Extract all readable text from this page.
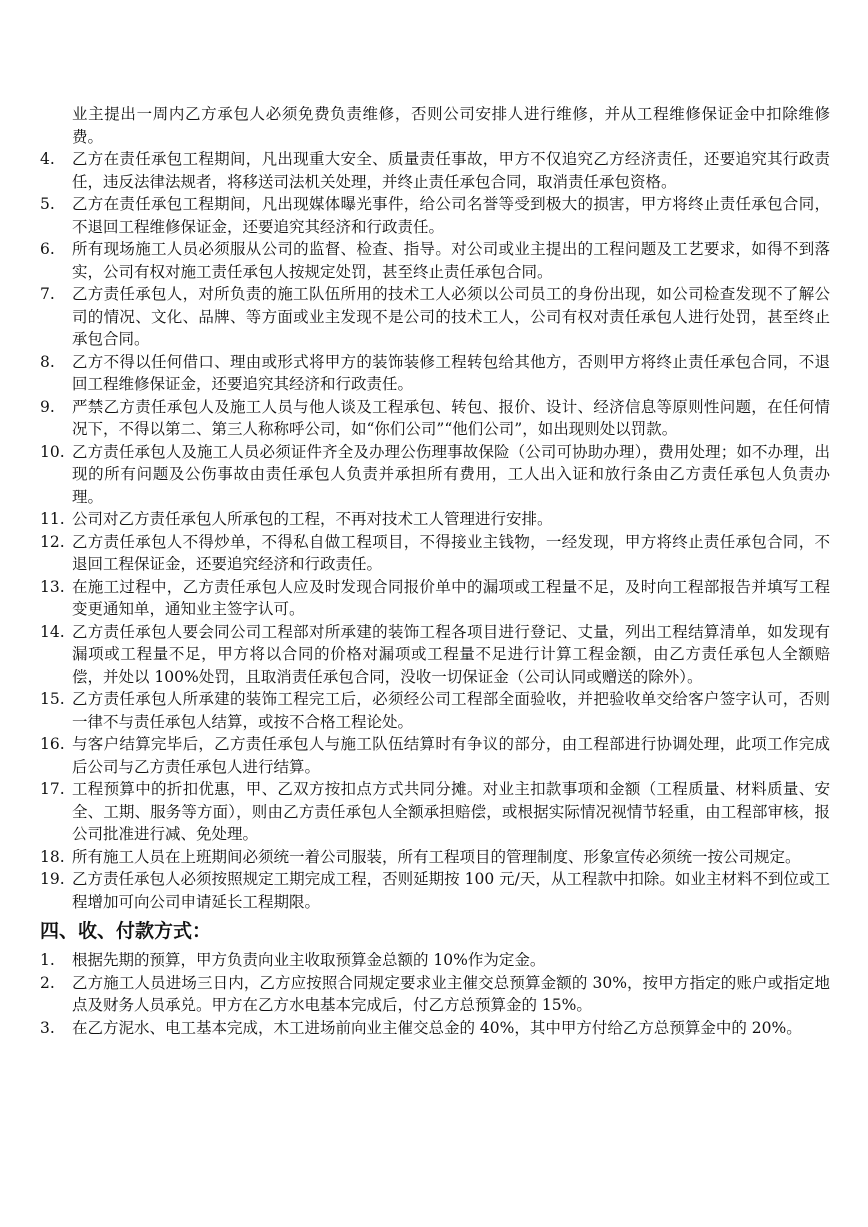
业主提出一周内乙方承包人必须免费负责维修，否则公司安排人进行维修，并从工程维修保证金中扣除维修费。
4.	乙方在责任承包工程期间，凡出现重大安全、质量责任事故，甲方不仅追究乙方经济责任，还要追究其行政责任，违反法律法规者，将移送司法机关处理，并终止责任承包合同，取消责任承包资格。
5.	乙方在责任承包工程期间，凡出现媒体曝光事件，给公司名誉等受到极大的损害，甲方将终止责任承包合同，不退回工程维修保证金，还要追究其经济和行政责任。
6.	所有现场施工人员必须服从公司的监督、检查、指导。对公司或业主提出的工程问题及工艺要求，如得不到落实，公司有权对施工责任承包人按规定处罚，甚至终止责任承包合同。
7.	乙方责任承包人，对所负责的施工队伍所用的技术工人必须以公司员工的身份出现，如公司检查发现不了解公司的情况、文化、品牌、等方面或业主发现不是公司的技术工人，公司有权对责任承包人进行处罚，甚至终止承包合同。
8.	乙方不得以任何借口、理由或形式将甲方的装饰装修工程转包给其他方，否则甲方将终止责任承包合同，不退回工程维修保证金，还要追究其经济和行政责任。
9.	严禁乙方责任承包人及施工人员与他人谈及工程承包、转包、报价、设计、经济信息等原则性问题，在任何情况下，不得以第二、第三人称称呼公司，如“你们公司”“他们公司”，如出现则处以罚款。
10. 乙方责任承包人及施工人员必须证件齐全及办理公伤理事故保险（公司可协助办理），费用处理；如不办理，出现的所有问题及公伤事故由责任承包人负责并承担所有费用，工人出入证和放行条由乙方责任承包人负责办理。
11. 公司对乙方责任承包人所承包的工程，不再对技术工人管理进行安排。
12. 乙方责任承包人不得炒单，不得私自做工程项目，不得接业主钱物，一经发现，甲方将终止责任承包合同，不退回工程保证金，还要追究经济和行政责任。
13. 在施工过程中，乙方责任承包人应及时发现合同报价单中的漏项或工程量不足，及时向工程部报告并填写工程变更通知单，通知业主签字认可。
14. 乙方责任承包人要会同公司工程部对所承建的装饰工程各项目进行登记、丈量，列出工程结算清单，如发现有漏项或工程量不足，甲方将以合同的价格对漏项或工程量不足进行计算工程金额，由乙方责任承包人全额赔偿，并处以 100%处罚，且取消责任承包合同，没收一切保证金（公司认同或赠送的除外）。
15. 乙方责任承包人所承建的装饰工程完工后，必须经公司工程部全面验收，并把验收单交给客户签字认可，否则一律不与责任承包人结算，或按不合格工程论处。
16. 与客户结算完毕后，乙方责任承包人与施工队伍结算时有争议的部分，由工程部进行协调处理，此项工作完成后公司与乙方责任承包人进行结算。
17. 工程预算中的折扣优惠，甲、乙双方按扣点方式共同分摊。对业主扣款事项和金额（工程质量、材料质量、安全、工期、服务等方面），则由乙方责任承包人全额承担赔偿，或根据实际情况视情节轻重，由工程部审核，报公司批准进行减、免处理。
18. 所有施工人员在上班期间必须统一着公司服装，所有工程项目的管理制度、形象宣传必须统一按公司规定。
19. 乙方责任承包人必须按照规定工期完成工程，否则延期按 100 元/天，从工程款中扣除。如业主材料不到位或工程增加可向公司申请延长工程期限。
四、收、付款方式：
1.	根据先期的预算，甲方负责向业主收取预算金总额的 10%作为定金。
2.	乙方施工人员进场三日内，乙方应按照合同规定要求业主催交总预算金额的 30%，按甲方指定的账户或指定地点及财务人员承兑。甲方在乙方水电基本完成后，付乙方总预算金的 15%。
3.	在乙方泥水、电工基本完成，木工进场前向业主催交总金的 40%，其中甲方付给乙方总预算金中的 20%。
